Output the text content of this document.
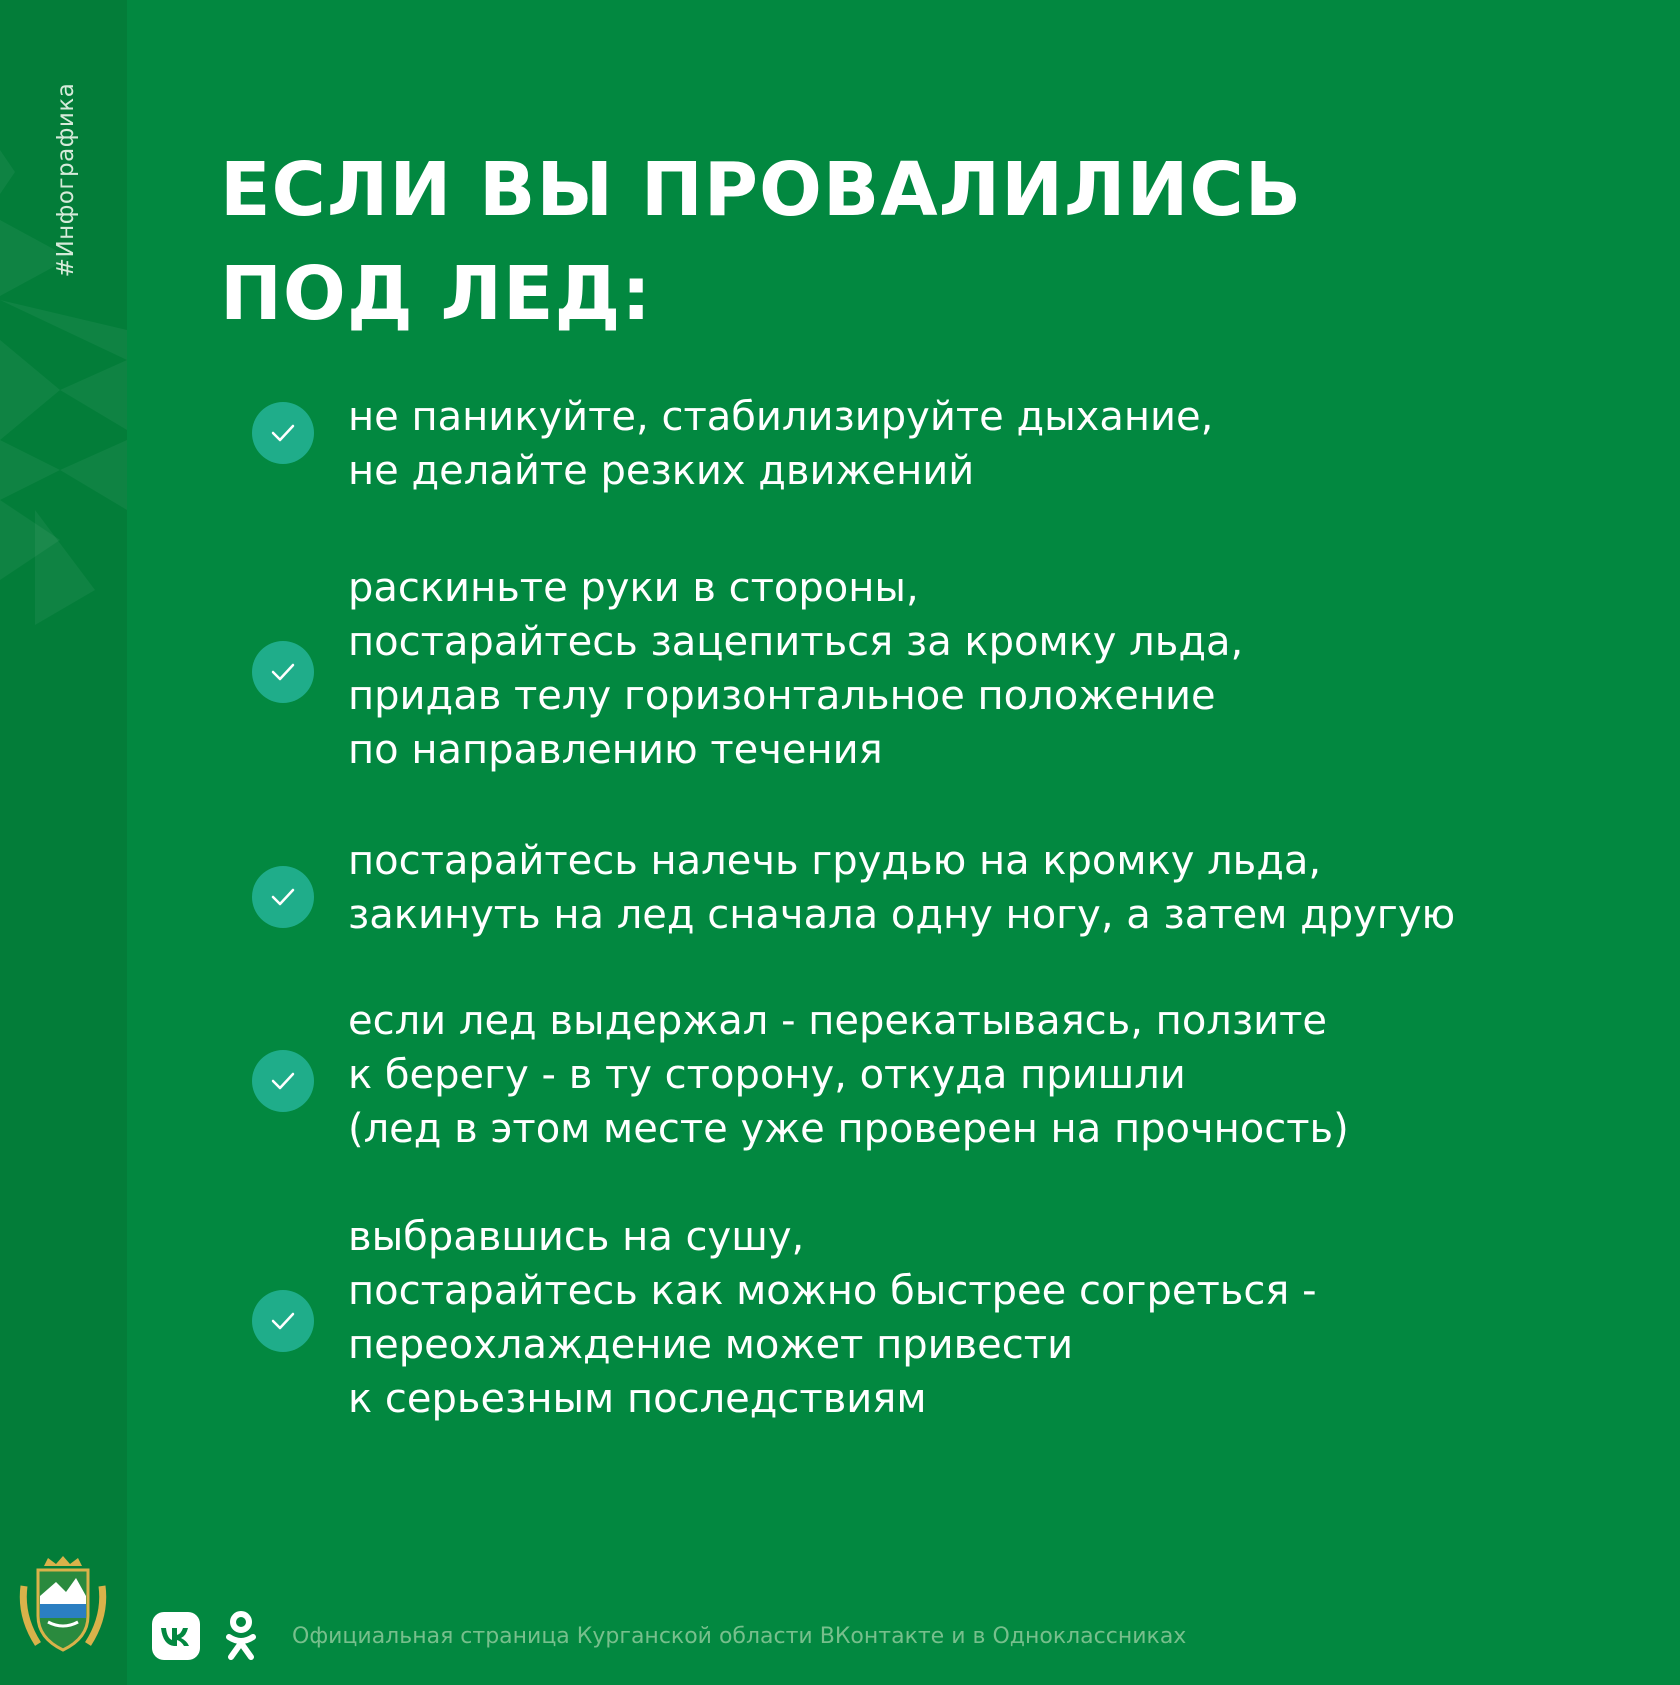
#Инфографика ЕСЛИ ВЫ ПРОВАЛИЛИСЬ
ПОД ЛЕД:
не паникуйте, стабилизируйте дыхание,
не делайте резких движений
раскиньте руки в стороны,
постарайтесь зацепиться за кромку льда,
придав телу горизонтальное положение
по направлению течения
постарайтесь налечь грудью на кромку льда,
закинуть на лед сначала одну ногу, а затем другую
если лед выдержал - перекатываясь, ползите
к берегу - в ту сторону, откуда пришли
(лед в этом месте уже проверен на прочность)
выбравшись на сушу,
постарайтесь как можно быстрее согреться -
переохлаждение может привести
к серьезным последствиям
Официальная страница Курганской области ВКонтакте и в Одноклассниках
